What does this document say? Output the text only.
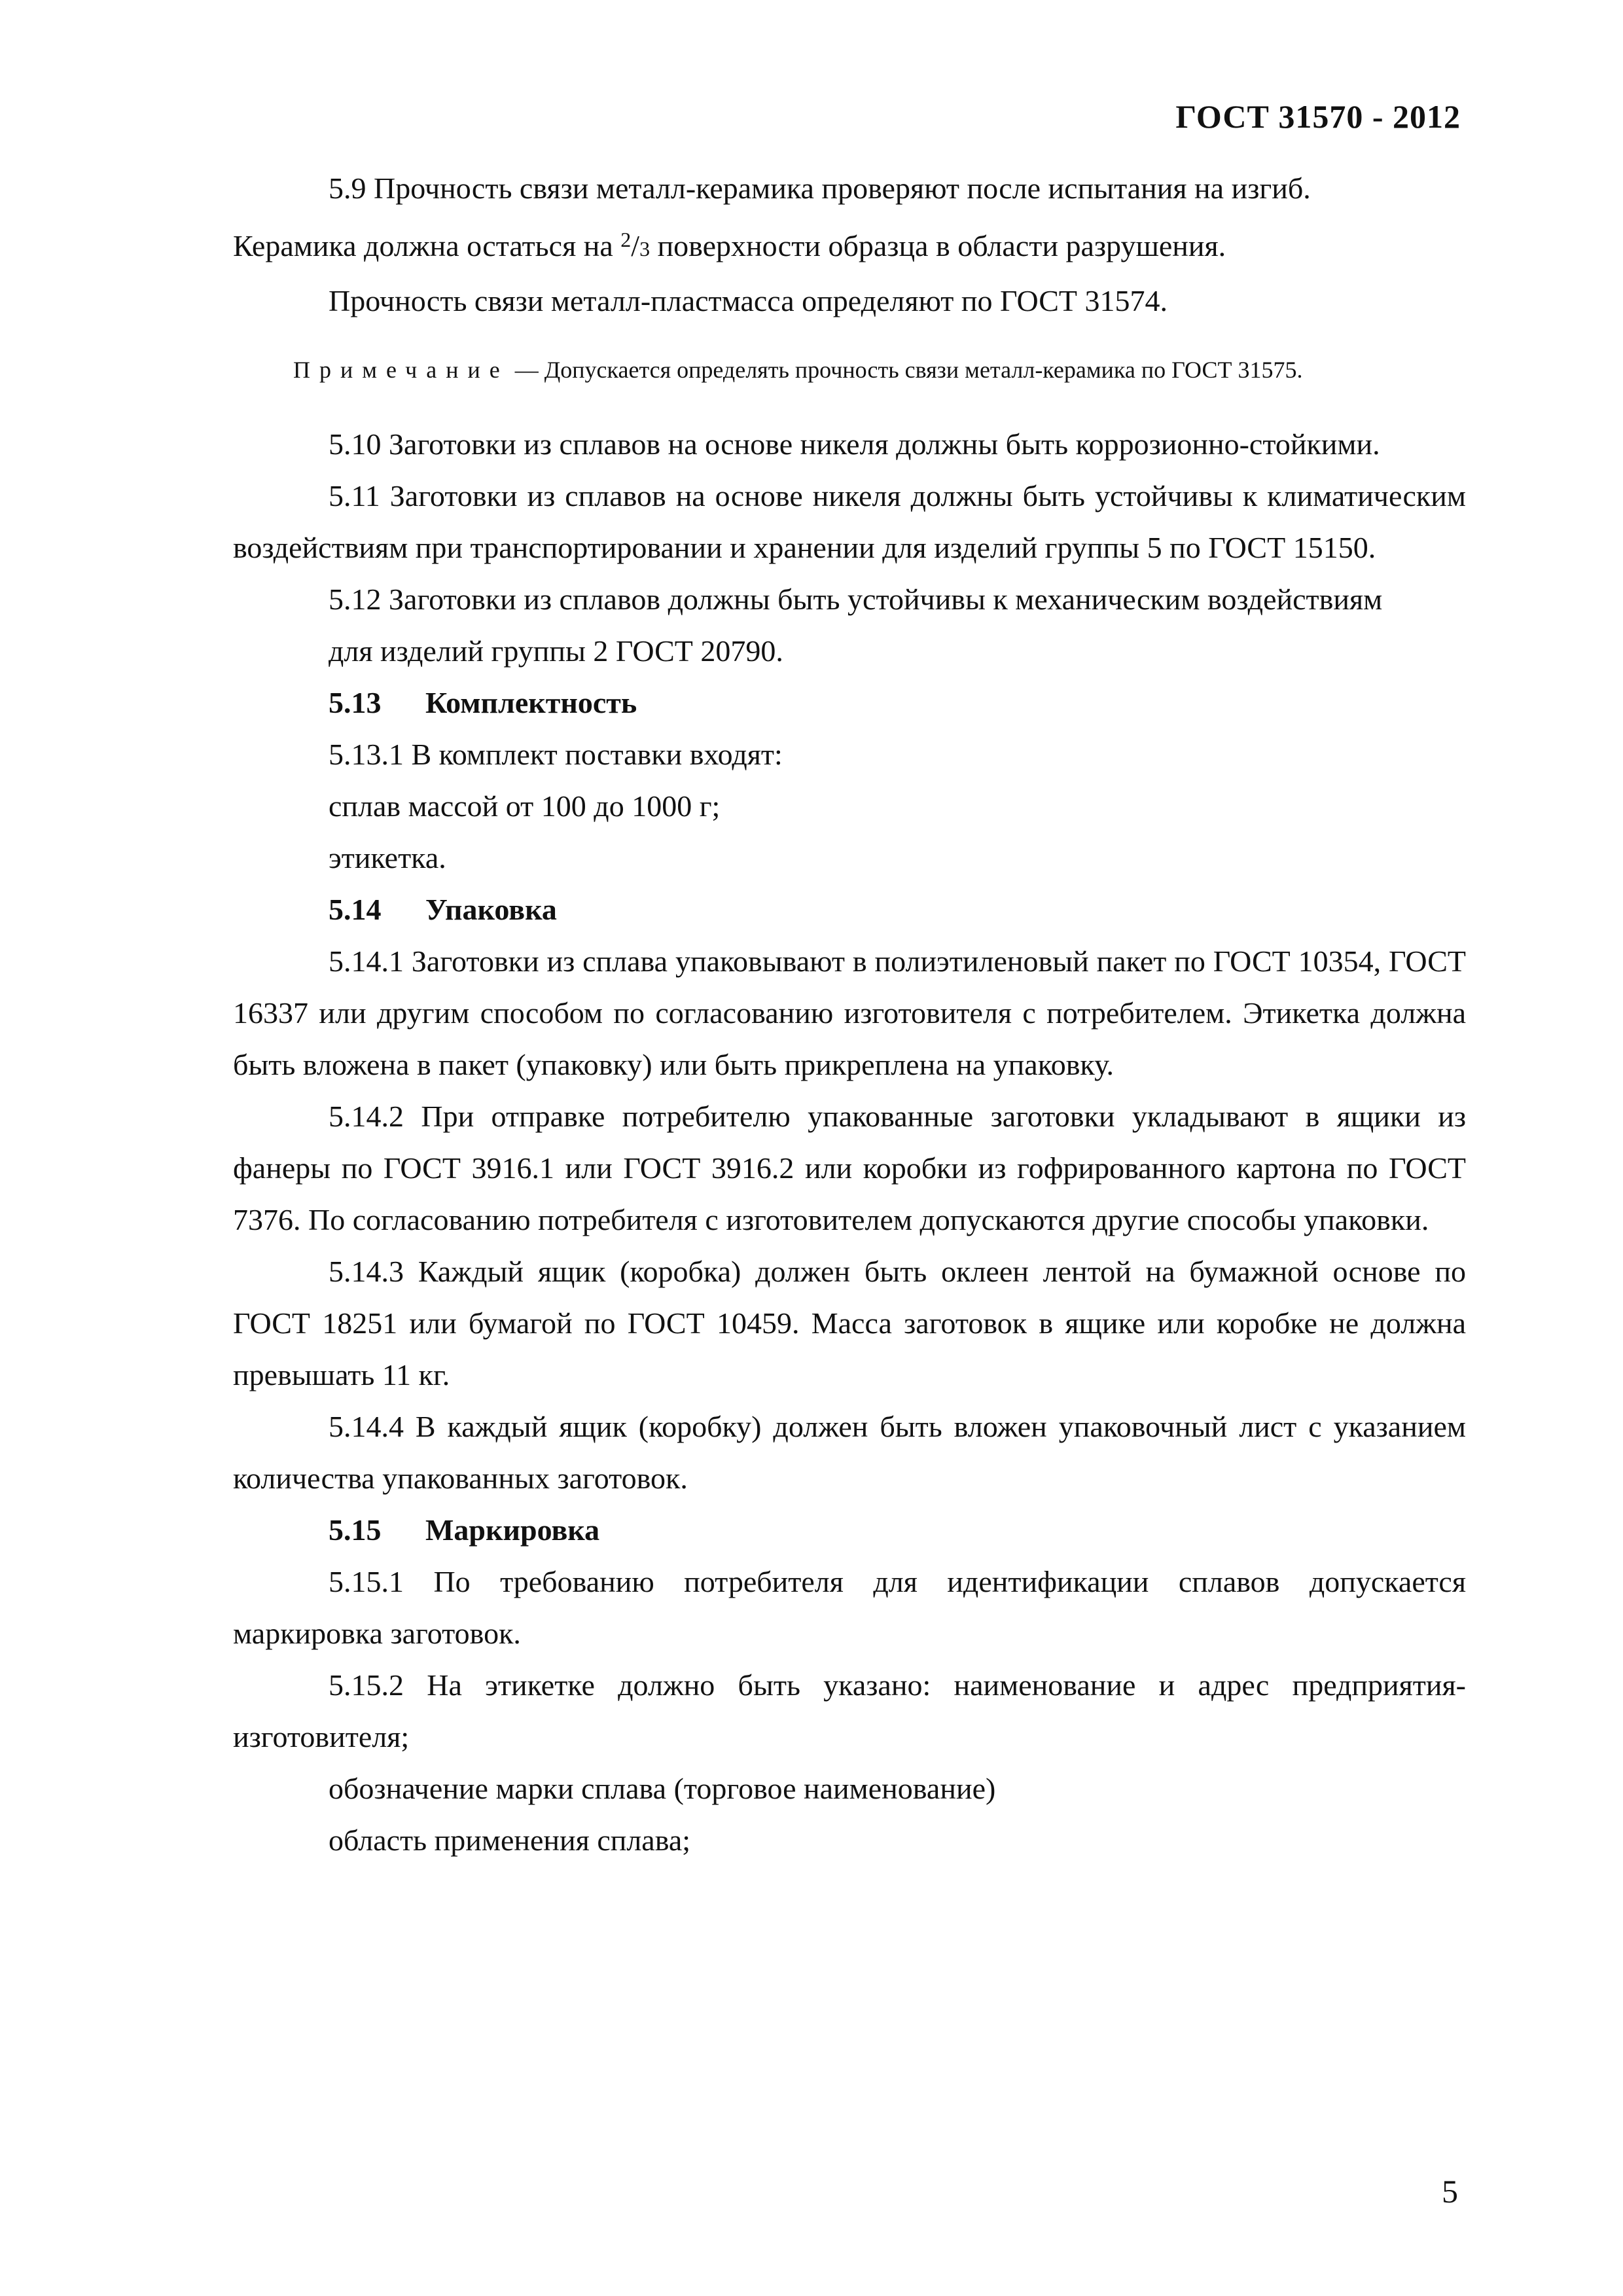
ГОСТ 31570 - 2012

5.9 Прочность связи металл-керамика проверяют после испытания на изгиб.

Керамика должна остаться на $^2$/3 поверхности образца в области разрушения.

Прочность связи металл-пластмасса определяют по ГОСТ 31574.

Примечание — Допускается определять прочность связи металл-керамика по ГОСТ 31575.

5.10 Заготовки из сплавов на основе никеля должны быть коррозионно-стойкими.

5.11 Заготовки из сплавов на основе никеля должны быть устойчивы к климатическим воздействиям при транспортировании и хранении для изделий группы 5 по ГОСТ 15150.

5.12 Заготовки из сплавов должны быть устойчивы к механическим воздействиям

для изделий группы 2 ГОСТ 20790.

5.13 Комплектность

5.13.1 В комплект поставки входят:

сплав массой от 100 до 1000 г;

этикетка.

5.14 Упаковка

5.14.1 Заготовки из сплава упаковывают в полиэтиленовый пакет по ГОСТ 10354, ГОСТ 16337 или другим способом по согласованию изготовителя с потребителем. Этикетка должна быть вложена в пакет (упаковку) или быть прикреплена на упаковку.

5.14.2 При отправке потребителю упакованные заготовки укладывают в ящики из фанеры по ГОСТ 3916.1 или ГОСТ 3916.2 или коробки из гофрированного картона по ГОСТ 7376. По согласованию потребителя с изготовителем допускаются другие способы упаковки.

5.14.3 Каждый ящик (коробка) должен быть оклеен лентой на бумажной основе по ГОСТ 18251 или бумагой по ГОСТ 10459. Масса заготовок в ящике или коробке не должна превышать 11 кг.

5.14.4 В каждый ящик (коробку) должен быть вложен упаковочный лист с указанием количества упакованных заготовок.

5.15 Маркировка

5.15.1 По требованию потребителя для идентификации сплавов допускается маркировка заготовок.

5.15.2 На этикетке должно быть указано: наименование и адрес предприятия-изготовителя;

обозначение марки сплава (торговое наименование)

область применения сплава;

5
